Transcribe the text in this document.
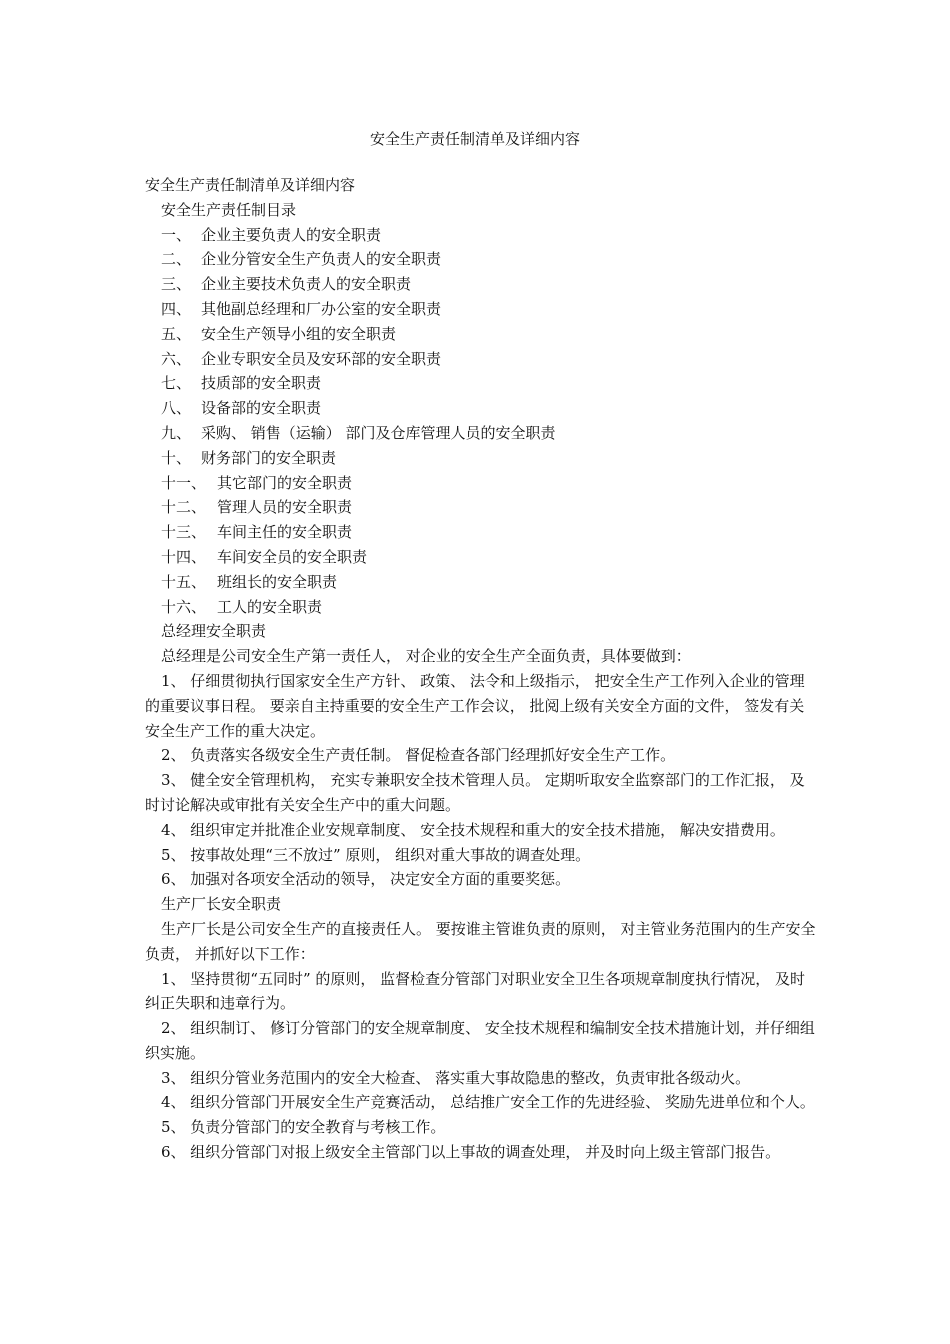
安全生产责任制清单及详细内容

安全生产责任制清单及详细内容

安全生产责任制目录

一、 企业主要负责人的安全职责

二、 企业分管安全生产负责人的安全职责

三、 企业主要技术负责人的安全职责

四、 其他副总经理和厂办公室的安全职责

五、 安全生产领导小组的安全职责

六、 企业专职安全员及安环部的安全职责

七、 技质部的安全职责

八、 设备部的安全职责

九、 采购、 销售（运输） 部门及仓库管理人员的安全职责

十、 财务部门的安全职责

十一、 其它部门的安全职责

十二、 管理人员的安全职责

十三、 车间主任的安全职责

十四、 车间安全员的安全职责

十五、 班组长的安全职责

十六、 工人的安全职责

总经理安全职责

总经理是公司安全生产第一责任人， 对企业的安全生产全面负责，具体要做到：

1、 仔细贯彻执行国家安全生产方针、 政策、 法令和上级指示， 把安全生产工作列入企业的管理的重要议事日程。 要亲自主持重要的安全生产工作会议， 批阅上级有关安全方面的文件， 签发有关安全生产工作的重大决定。

2、 负责落实各级安全生产责任制。 督促检查各部门经理抓好安全生产工作。

3、 健全安全管理机构， 充实专兼职安全技术管理人员。 定期听取安全监察部门的工作汇报， 及时讨论解决或审批有关安全生产中的重大问题。

4、 组织审定并批准企业安规章制度、 安全技术规程和重大的安全技术措施， 解决安措费用。

5、 按事故处理“三不放过” 原则， 组织对重大事故的调查处理。

6、 加强对各项安全活动的领导， 决定安全方面的重要奖惩。

生产厂长安全职责

生产厂长是公司安全生产的直接责任人。 要按谁主管谁负责的原则， 对主管业务范围内的生产安全负责， 并抓好以下工作：

1、 坚持贯彻“五同时” 的原则， 监督检查分管部门对职业安全卫生各项规章制度执行情况， 及时纠正失职和违章行为。

2、 组织制订、 修订分管部门的安全规章制度、 安全技术规程和编制安全技术措施计划，并仔细组织实施。

3、 组织分管业务范围内的安全大检查、 落实重大事故隐患的整改，负责审批各级动火。

4、 组织分管部门开展安全生产竞赛活动， 总结推广安全工作的先进经验、 奖励先进单位和个人。

5、 负责分管部门的安全教育与考核工作。

6、 组织分管部门对报上级安全主管部门以上事故的调查处理， 并及时向上级主管部门报告。
